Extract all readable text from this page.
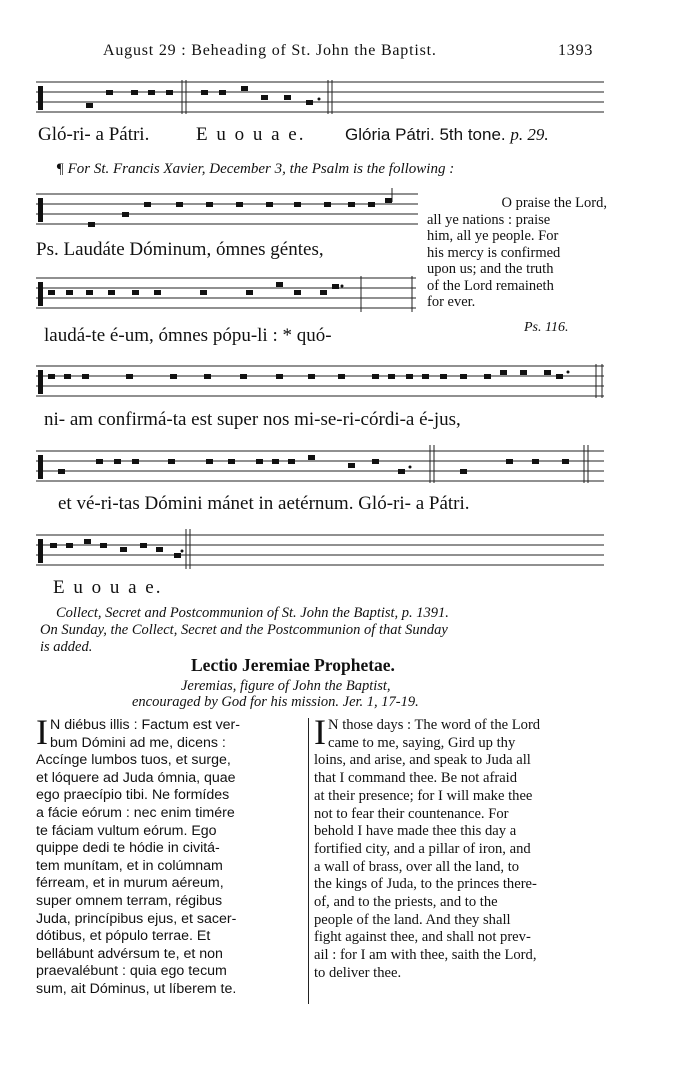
August 29 : Beheading of St. John the Baptist.	1393
Gló-ri- a Pátri. E u o u a e. Glória Pátri. 5th tone. p. 29.
¶ For St. Francis Xavier, December 3, the Psalm is the following :
Ps. Laudáte Dóminum, ómnes géntes,
O praise the Lord,
all ye nations : praise
him, all ye people. For
his mercy is confirmed
upon us; and the truth
of the Lord remaineth
for ever.
Ps. 116.
laudá-te é-um, ómnes pópu-li : * quó-
ni- am confirmá-ta est super nos mi-se-ri-córdi-a é-jus,
et vé-ri-tas Dómini mánet in aetérnum. Gló-ri- a Pátri.
E u o u a e.
Collect, Secret and Postcommunion of St. John the Baptist, p. 1391.
On Sunday, the Collect, Secret and the Postcommunion of that Sunday
is added.
Lectio Jeremiae Prophetae.
Jeremias, figure of John the Baptist,
encouraged by God for his mission. Jer. 1, 17-19.
I N diébus illis : Factum est ver-
bum Dómini ad me, dicens :
Accínge lumbos tuos, et surge,
et lóquere ad Juda ómnia, quae
ego praecípio tibi. Ne formídes
a fácie eórum : nec enim timére
te fáciam vultum eórum. Ego
quippe dedi te hódie in civitá-
tem munítam, et in colúmnam
férream, et in murum aéreum,
super omnem terram, régibus
Juda, princípibus ejus, et sacer-
dótibus, et pópulo terrae. Et
bellábunt advérsum te, et non
praevalébunt : quia ego tecum
sum, ait Dóminus, ut líberem te.
I N those days : The word of the Lord
came to me, saying, Gird up thy
loins, and arise, and speak to Juda all
that I command thee. Be not afraid
at their presence; for I will make thee
not to fear their countenance. For
behold I have made thee this day a
fortified city, and a pillar of iron, and
a wall of brass, over all the land, to
the kings of Juda, to the princes there-
of, and to the priests, and to the
people of the land. And they shall
fight against thee, and shall not prev-
ail : for I am with thee, saith the Lord,
to deliver thee.
